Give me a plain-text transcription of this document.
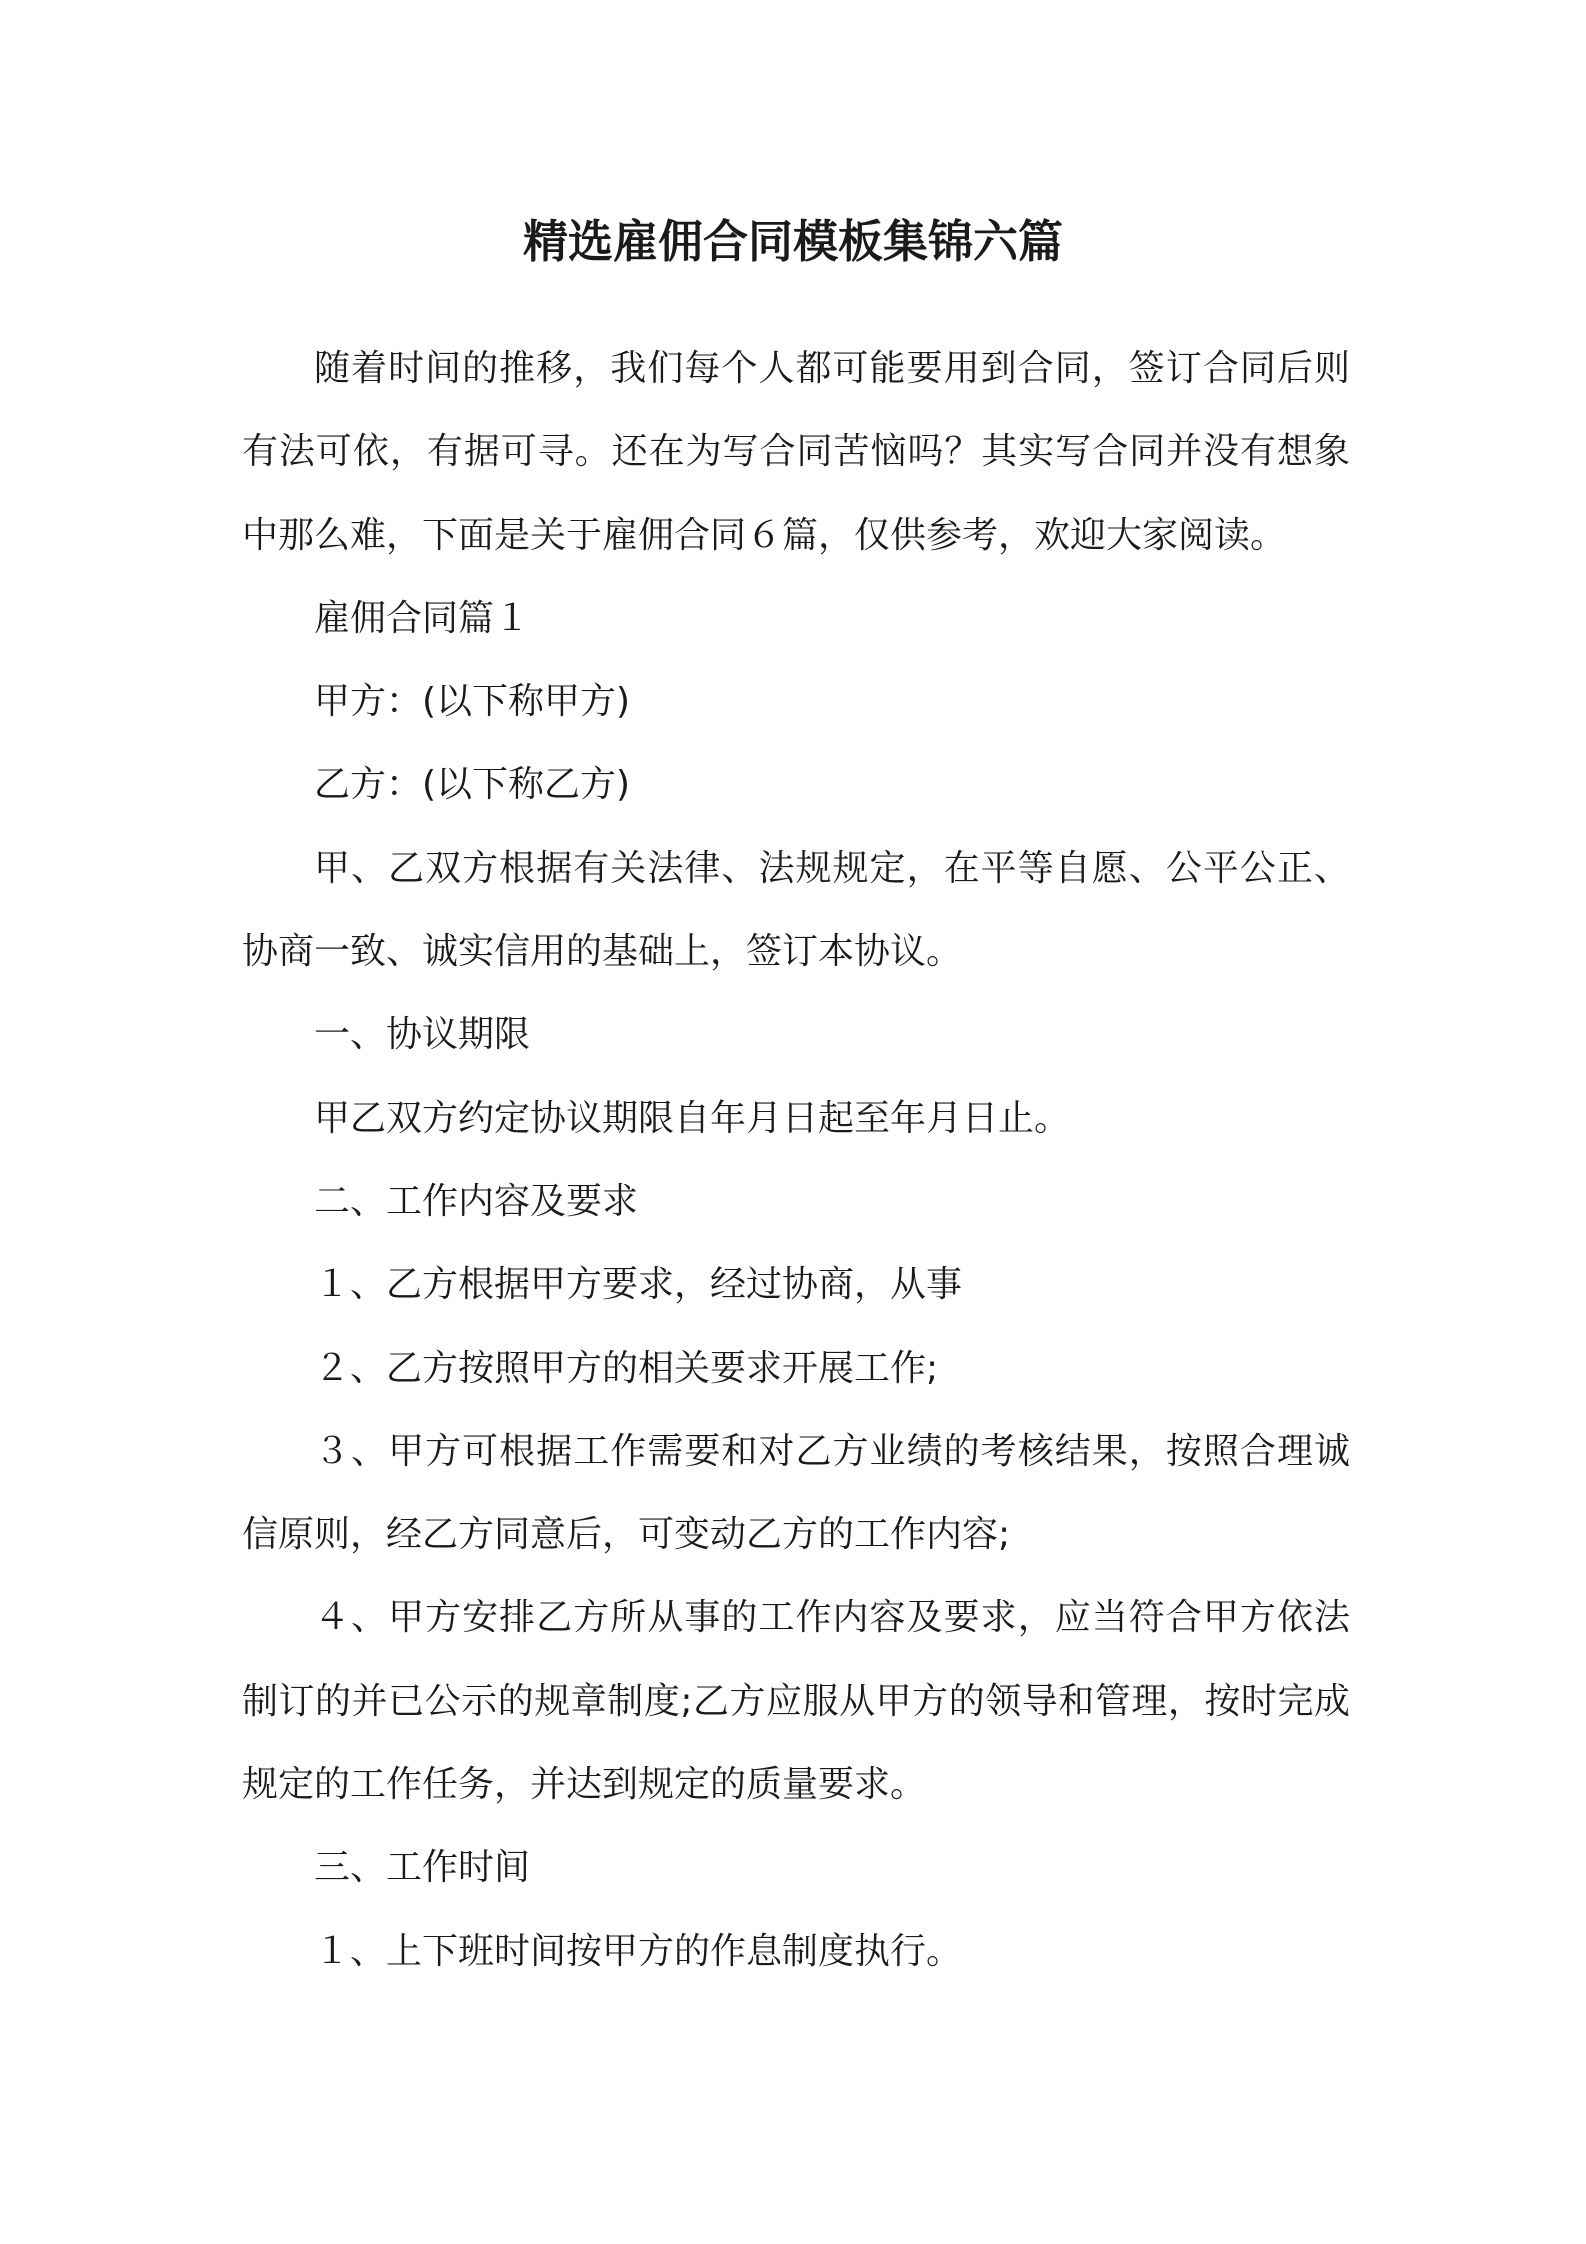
精选雇佣合同模板集锦六篇

随着时间的推移，我们每个人都可能要用到合同，签订合同后则有法可依，有据可寻。还在为写合同苦恼吗？其实写合同并没有想象中那么难，下面是关于雇佣合同６篇，仅供参考，欢迎大家阅读。

雇佣合同篇１

甲方：(以下称甲方)

乙方：(以下称乙方)

甲、乙双方根据有关法律、法规规定，在平等自愿、公平公正、协商一致、诚实信用的基础上，签订本协议。

一、协议期限

甲乙双方约定协议期限自年月日起至年月日止。

二、工作内容及要求

１、乙方根据甲方要求，经过协商，从事

２、乙方按照甲方的相关要求开展工作;

３、甲方可根据工作需要和对乙方业绩的考核结果，按照合理诚信原则，经乙方同意后，可变动乙方的工作内容;

４、甲方安排乙方所从事的工作内容及要求，应当符合甲方依法制订的并已公示的规章制度;乙方应服从甲方的领导和管理，按时完成规定的工作任务，并达到规定的质量要求。

三、工作时间

１、上下班时间按甲方的作息制度执行。
